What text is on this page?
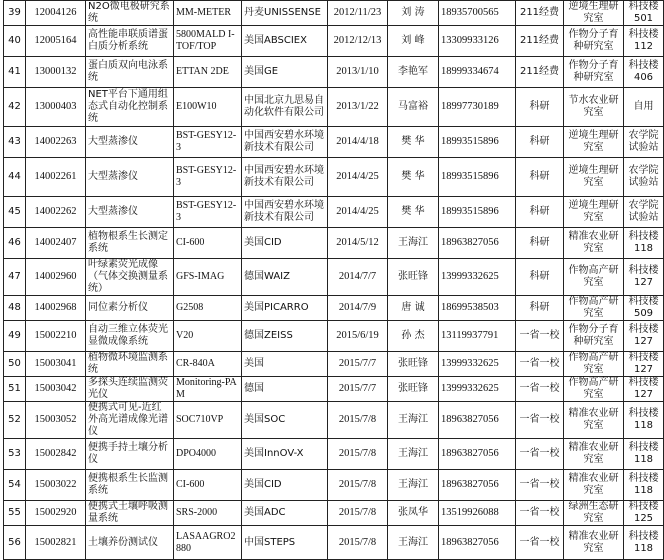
39	12004126	N2O微电极研究系统	MM-METER	丹麦UNISSENSE	2012/11/23	刘 涛	18935700565	211经费	逆境生理研究室	科技楼501
40	12005164	高性能串联质谱蛋白质分析系统	5800MALD I-TOF/TOP	美国ABSCIEX	2012/12/13	刘 峰	13309933126	211经费	作物分子育种研究室	科技楼112
41	13000132	蛋白质双向电泳系统	ETTAN 2DE	美国GE	2013/1/10	李艳军	18999334674	211经费	作物分子育种研究室	科技楼406
42	13000403	NET平台下通用组态式自动化控制系统	E100W10	中国北京九思易自动化软件有限公司	2013/1/22	马富裕	18997730189	科研	节水农业研究室	自用
43	14002263	大型蒸渗仪	BST-GESY12-3	中国西安碧水环境新技术有限公司	2014/4/18	樊 华	18993515896	科研	逆境生理研究室	农学院试验站
44	14002261	大型蒸渗仪	BST-GESY12-3	中国西安碧水环境新技术有限公司	2014/4/25	樊 华	18993515896	科研	逆境生理研究室	农学院试验站
45	14002262	大型蒸渗仪	BST-GESY12-3	中国西安碧水环境新技术有限公司	2014/4/25	樊 华	18993515896	科研	逆境生理研究室	农学院试验站
46	14002407	植物根系生长测定系统	CI-600	美国CID	2014/5/12	王海江	18963827056	科研	精准农业研究室	科技楼118
47	14002960	叶绿素荧光成像（气体交换测量系统）	GFS-IMAG	德国WAIZ	2014/7/7	张旺锋	13999332625	科研	作物高产研究室	科技楼127
48	14002968	同位素分析仪	G2508	美国PICARRO	2014/7/9	唐 诚	18699538503	科研	作物高产研究室	科技楼509
49	15002210	自动三维立体荧光显微成像系统	V20	德国ZEISS	2015/6/19	孙 杰	13119937791	一省一校	作物分子育种研究室	科技楼127
50	15003041	植物微环境监测系统	CR-840A	美国	2015/7/7	张旺锋	13999332625	一省一校	作物高产研究室	科技楼127
51	15003042	多探头连续监测荧光仪	Monitoring-PAM	德国	2015/7/7	张旺锋	13999332625	一省一校	作物高产研究室	科技楼127
52	15003052	便携式可见-近红外高光谱成像光谱仪	SOC710VP	美国SOC	2015/7/8	王海江	18963827056	一省一校	精准农业研究室	科技楼118
53	15002842	便携手持土壤分析仪	DPO4000	美国InnOV-X	2015/7/8	王海江	18963827056	一省一校	精准农业研究室	科技楼118
54	15003022	便携根系生长监测系统	CI-600	美国CID	2015/7/8	王海江	18963827056	一省一校	精准农业研究室	科技楼118
55	15002920	便携式土壤呼吸测量系统	SRS-2000	美国ADC	2015/7/8	张凤华	13519926088	一省一校	绿洲生态研究室	科技楼125
56	15002821	土壤养份测试仪	LASAAGRO2880	中国STEPS	2015/7/8	王海江	18963827056	一省一校	精准农业研究室	科技楼118
